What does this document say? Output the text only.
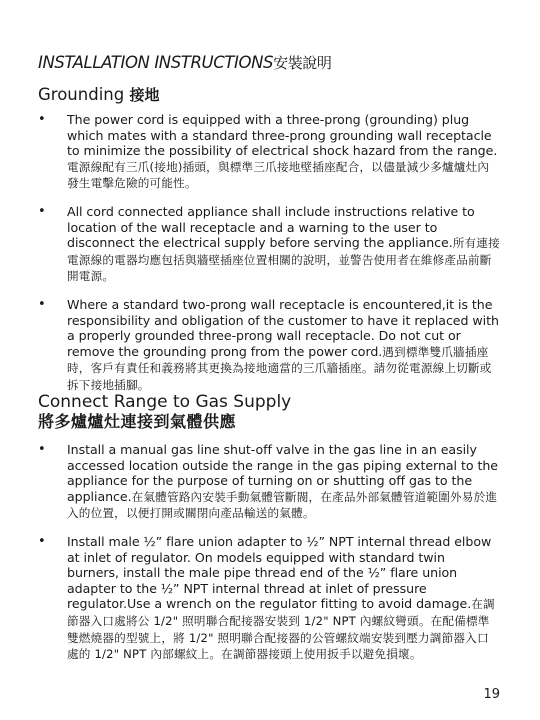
INSTALLATION INSTRUCTIONS安裝說明
Grounding 接地
• The power cord is equipped with a three-prong (grounding) plug which mates with a standard three-prong grounding wall receptacle to minimize the possibility of electrical shock hazard from the range.電源線配有三爪(接地)插頭，與標準三爪接地壁插座配合，以儘量減少多爐爐灶內發生電擊危險的可能性。
• All cord connected appliance shall include instructions relative to location of the wall receptacle and a warning to the user to disconnect the electrical supply before serving the appliance.所有連接電源線的電器均應包括與牆壁插座位置相關的說明，並警告使用者在維修產品前斷開電源。
• Where a standard two-prong wall receptacle is encountered,it is the responsibility and obligation of the customer to have it replaced with a properly grounded three-prong wall receptacle. Do not cut or remove the grounding prong from the power cord.遇到標準雙爪牆插座時，客戶有責任和義務將其更換為接地適當的三爪牆插座。請勿從電源線上切斷或拆下接地插腳。
Connect Range to Gas Supply
將多爐爐灶連接到氣體供應
• Install a manual gas line shut-off valve in the gas line in an easily accessed location outside the range in the gas piping external to the appliance for the purpose of turning on or shutting off gas to the appliance.在氣體管路內安裝手動氣體管斷閥，在產品外部氣體管道範圍外易於進入的位置，以便打開或關閉向產品輸送的氣體。
• Install male ½” flare union adapter to ½” NPT internal thread elbow at inlet of regulator. On models equipped with standard twin burners, install the male pipe thread end of the ½” flare union adapter to the ½” NPT internal thread at inlet of pressure regulator.Use a wrench on the regulator fitting to avoid damage.在調節器入口處將公 1/2" 照明聯合配接器安裝到 1/2" NPT 內螺紋彎頭。在配備標準雙燃燒器的型號上，將 1/2" 照明聯合配接器的公管螺紋端安裝到壓力調節器入口處的 1/2" NPT 內部螺紋上。在調節器接頭上使用扳手以避免損壞。
19
